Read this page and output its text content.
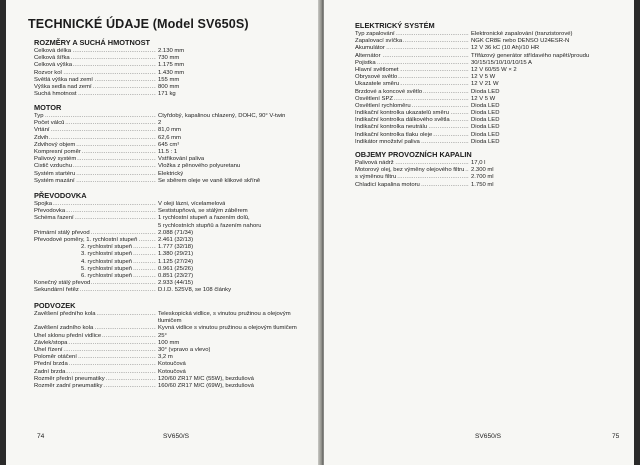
TECHNICKÉ ÚDAJE (Model SV650S)
ROZMĚRY A SUCHÁ HMOTNOST
Celková délka .....	2.130 mm
Celková šířka .....	730 mm
Celková výška .....	1.175 mm
Rozvor kol .....	1.430 mm
Světlá výška nad zemí .....	155 mm
Výška sedla nad zemí .....	800 mm
Suchá hmotnost .....	171 kg
MOTOR
Typ .....	Čtyřdobý, kapalinou chlazený, DOHC, 90° V-twin
Počet válců .....	2
Vrtání .....	81,0 mm
Zdvih .....	62,6 mm
Zdvihový objem .....	645 cm³
Kompresní poměr .....	11.5 : 1
Palivový systém .....	Vstřikování paliva
Čistič vzduchu .....	Vložka z pěnového polyuretanu
Systém startéru .....	Elektrický
Systém mazání .....	Se sběrem oleje ve vaně klikové skříně
PŘEVODOVKA
Spojka .....	V oleji lázni, vícelamelová
Převodovka .....	Šestistupňová, se stálým záběrem
Schéma řazení .....	1 rychlostní stupeň a řazením dolů,
5 rychlostních stupňů a řazením nahoru
Primární stálý převod .....	2.088 (71/34)
Převodové poměry, 1. rychlostní stupeň .....	2.461 (32/13)
2. rychlostní stupeň .....	1.777 (32/18)
3. rychlostní stupeň .....	1.380 (29/21)
4. rychlostní stupeň .....	1.125 (27/24)
5. rychlostní stupeň .....	0.961 (25/26)
6. rychlostní stupeň .....	0.851 (23/27)
Konečný stálý převod .....	2.933 (44/15)
Sekundární řetěz .....	D.I.D. 525V8, se 108 články
PODVOZEK
Zavěšení předního kola .....	Teleskopická vidlice, s vinutou pružinou a olejovým
tlumičem
Zavěšení zadního kola .....	Kyvná vidlice s vinutou pružinou a olejovým tlumičem
Úhel sklonu přední vidlice .....	25°
Závlek/stopa .....	100 mm
Úhel řízení .....	30° (vpravo a vlevo)
Poloměr otáčení .....	3,2 m
Přední brzda .....	Kotoučová
Zadní brzda .....	Kotoučová
Rozměr přední pneumatiky .....	120/60 ZR17 M/C (55W), bezdušová
Rozměr zadní pneumatiky .....	160/60 ZR17 M/C (69W), bezdušová
ELEKTRICKÝ SYSTÉM
Typ zapalování .....	Elektronické zapalování (tranzistorové)
Zapalovací svíčka .....	NGK CR8E nebo DENSO U24ESR-N
Akumulátor .....	12 V 36 kC (10 Ah)/10 HR
Alternátor .....	Třífázový generátor střídavého napětí/proudu
Pojistka .....	30/15/15/10/10/10/15 A
Hlavní světlomet .....	12 V 60/55 W × 2
Obrysové světlo .....	12 V 5 W
Ukazatele směru .....	12 V 21 W
Brzdové a koncové světlo .....	Dioda LED
Osvětlení SPZ .....	12 V 5 W
Osvětlení rychloměru .....	Dioda LED
Indikační kontrolka ukazatelů směru .....	Dioda LED
Indikační kontrolka dálkového světla .....	Dioda LED
Indikační kontrolka neutrálu .....	Dioda LED
Indikační kontrolka tlaku oleje .....	Dioda LED
Indikátor množství paliva .....	Dioda LED
OBJEMY PROVOZNÍCH KAPALIN
Palivová nádrž .....	17,0 l
Motorový olej, bez výměny olejového filtru .....	2.300 ml
s výměnou filtru .....	2.700 ml
Chladicí kapalina motoru .....	1.750 ml
74	SV650/S	SV650/S	75
